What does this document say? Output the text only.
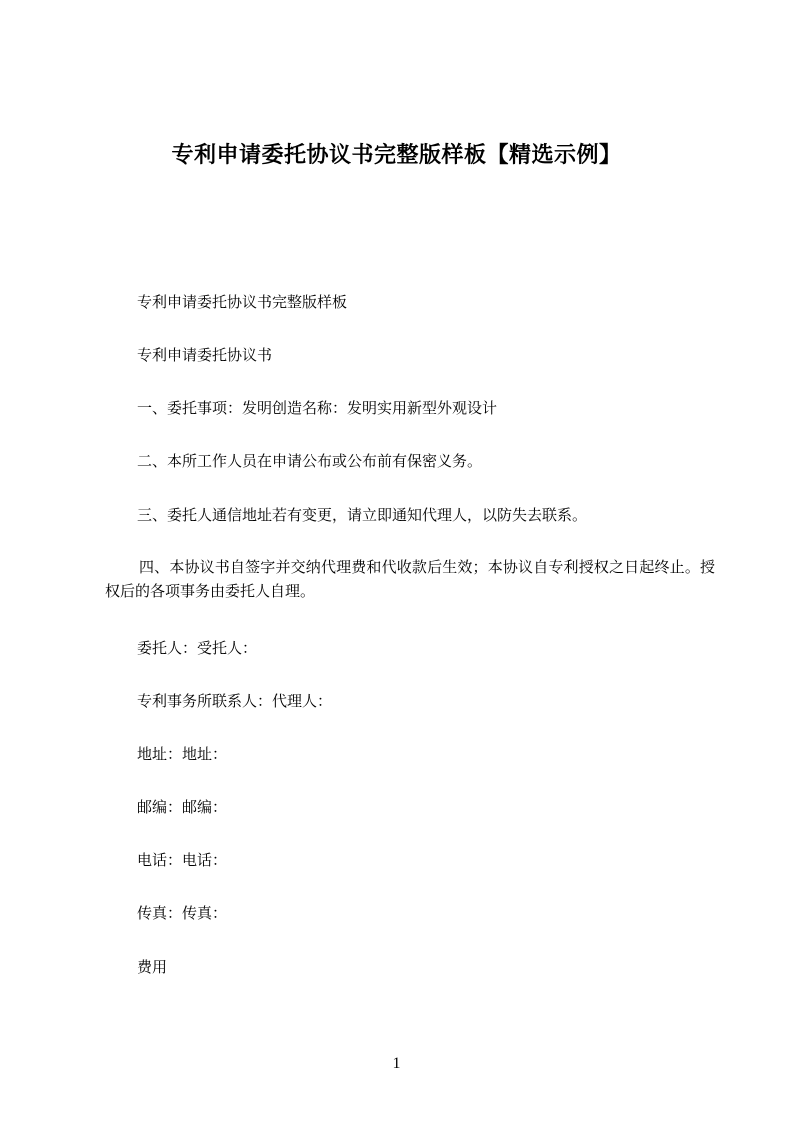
专利申请委托协议书完整版样板【精选示例】
专利申请委托协议书完整版样板
专利申请委托协议书
一、委托事项：发明创造名称：发明实用新型外观设计
二、本所工作人员在申请公布或公布前有保密义务。
三、委托人通信地址若有变更，请立即通知代理人，以防失去联系。
四、本协议书自签字并交纳代理费和代收款后生效；本协议自专利授权之日起终止。授权后的各项事务由委托人自理。
委托人：受托人：
专利事务所联系人：代理人：
地址：地址：
邮编：邮编：
电话：电话：
传真：传真：
费用
1
